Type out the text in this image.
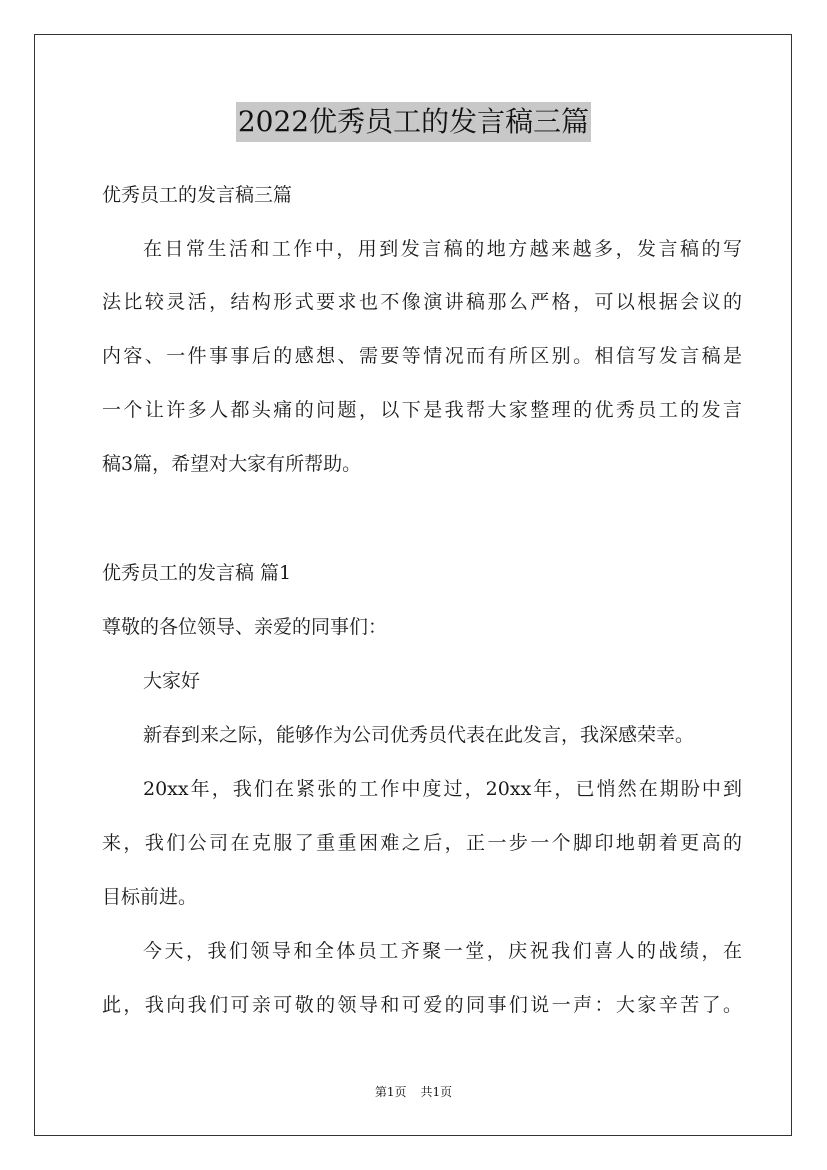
2022优秀员工的发言稿三篇
优秀员工的发言稿三篇
在日常生活和工作中，用到发言稿的地方越来越多，发言稿的写
法比较灵活，结构形式要求也不像演讲稿那么严格，可以根据会议的
内容、一件事事后的感想、需要等情况而有所区别。相信写发言稿是
一个让许多人都头痛的问题，以下是我帮大家整理的优秀员工的发言
稿3篇，希望对大家有所帮助。
优秀员工的发言稿 篇1
尊敬的各位领导、亲爱的同事们：
大家好
新春到来之际，能够作为公司优秀员代表在此发言，我深感荣幸。
20xx年，我们在紧张的工作中度过，20xx年，已悄然在期盼中到
来，我们公司在克服了重重困难之后，正一步一个脚印地朝着更高的
目标前进。
今天，我们领导和全体员工齐聚一堂，庆祝我们喜人的战绩，在
此，我向我们可亲可敬的领导和可爱的同事们说一声：大家辛苦了。
第1页 共1页
